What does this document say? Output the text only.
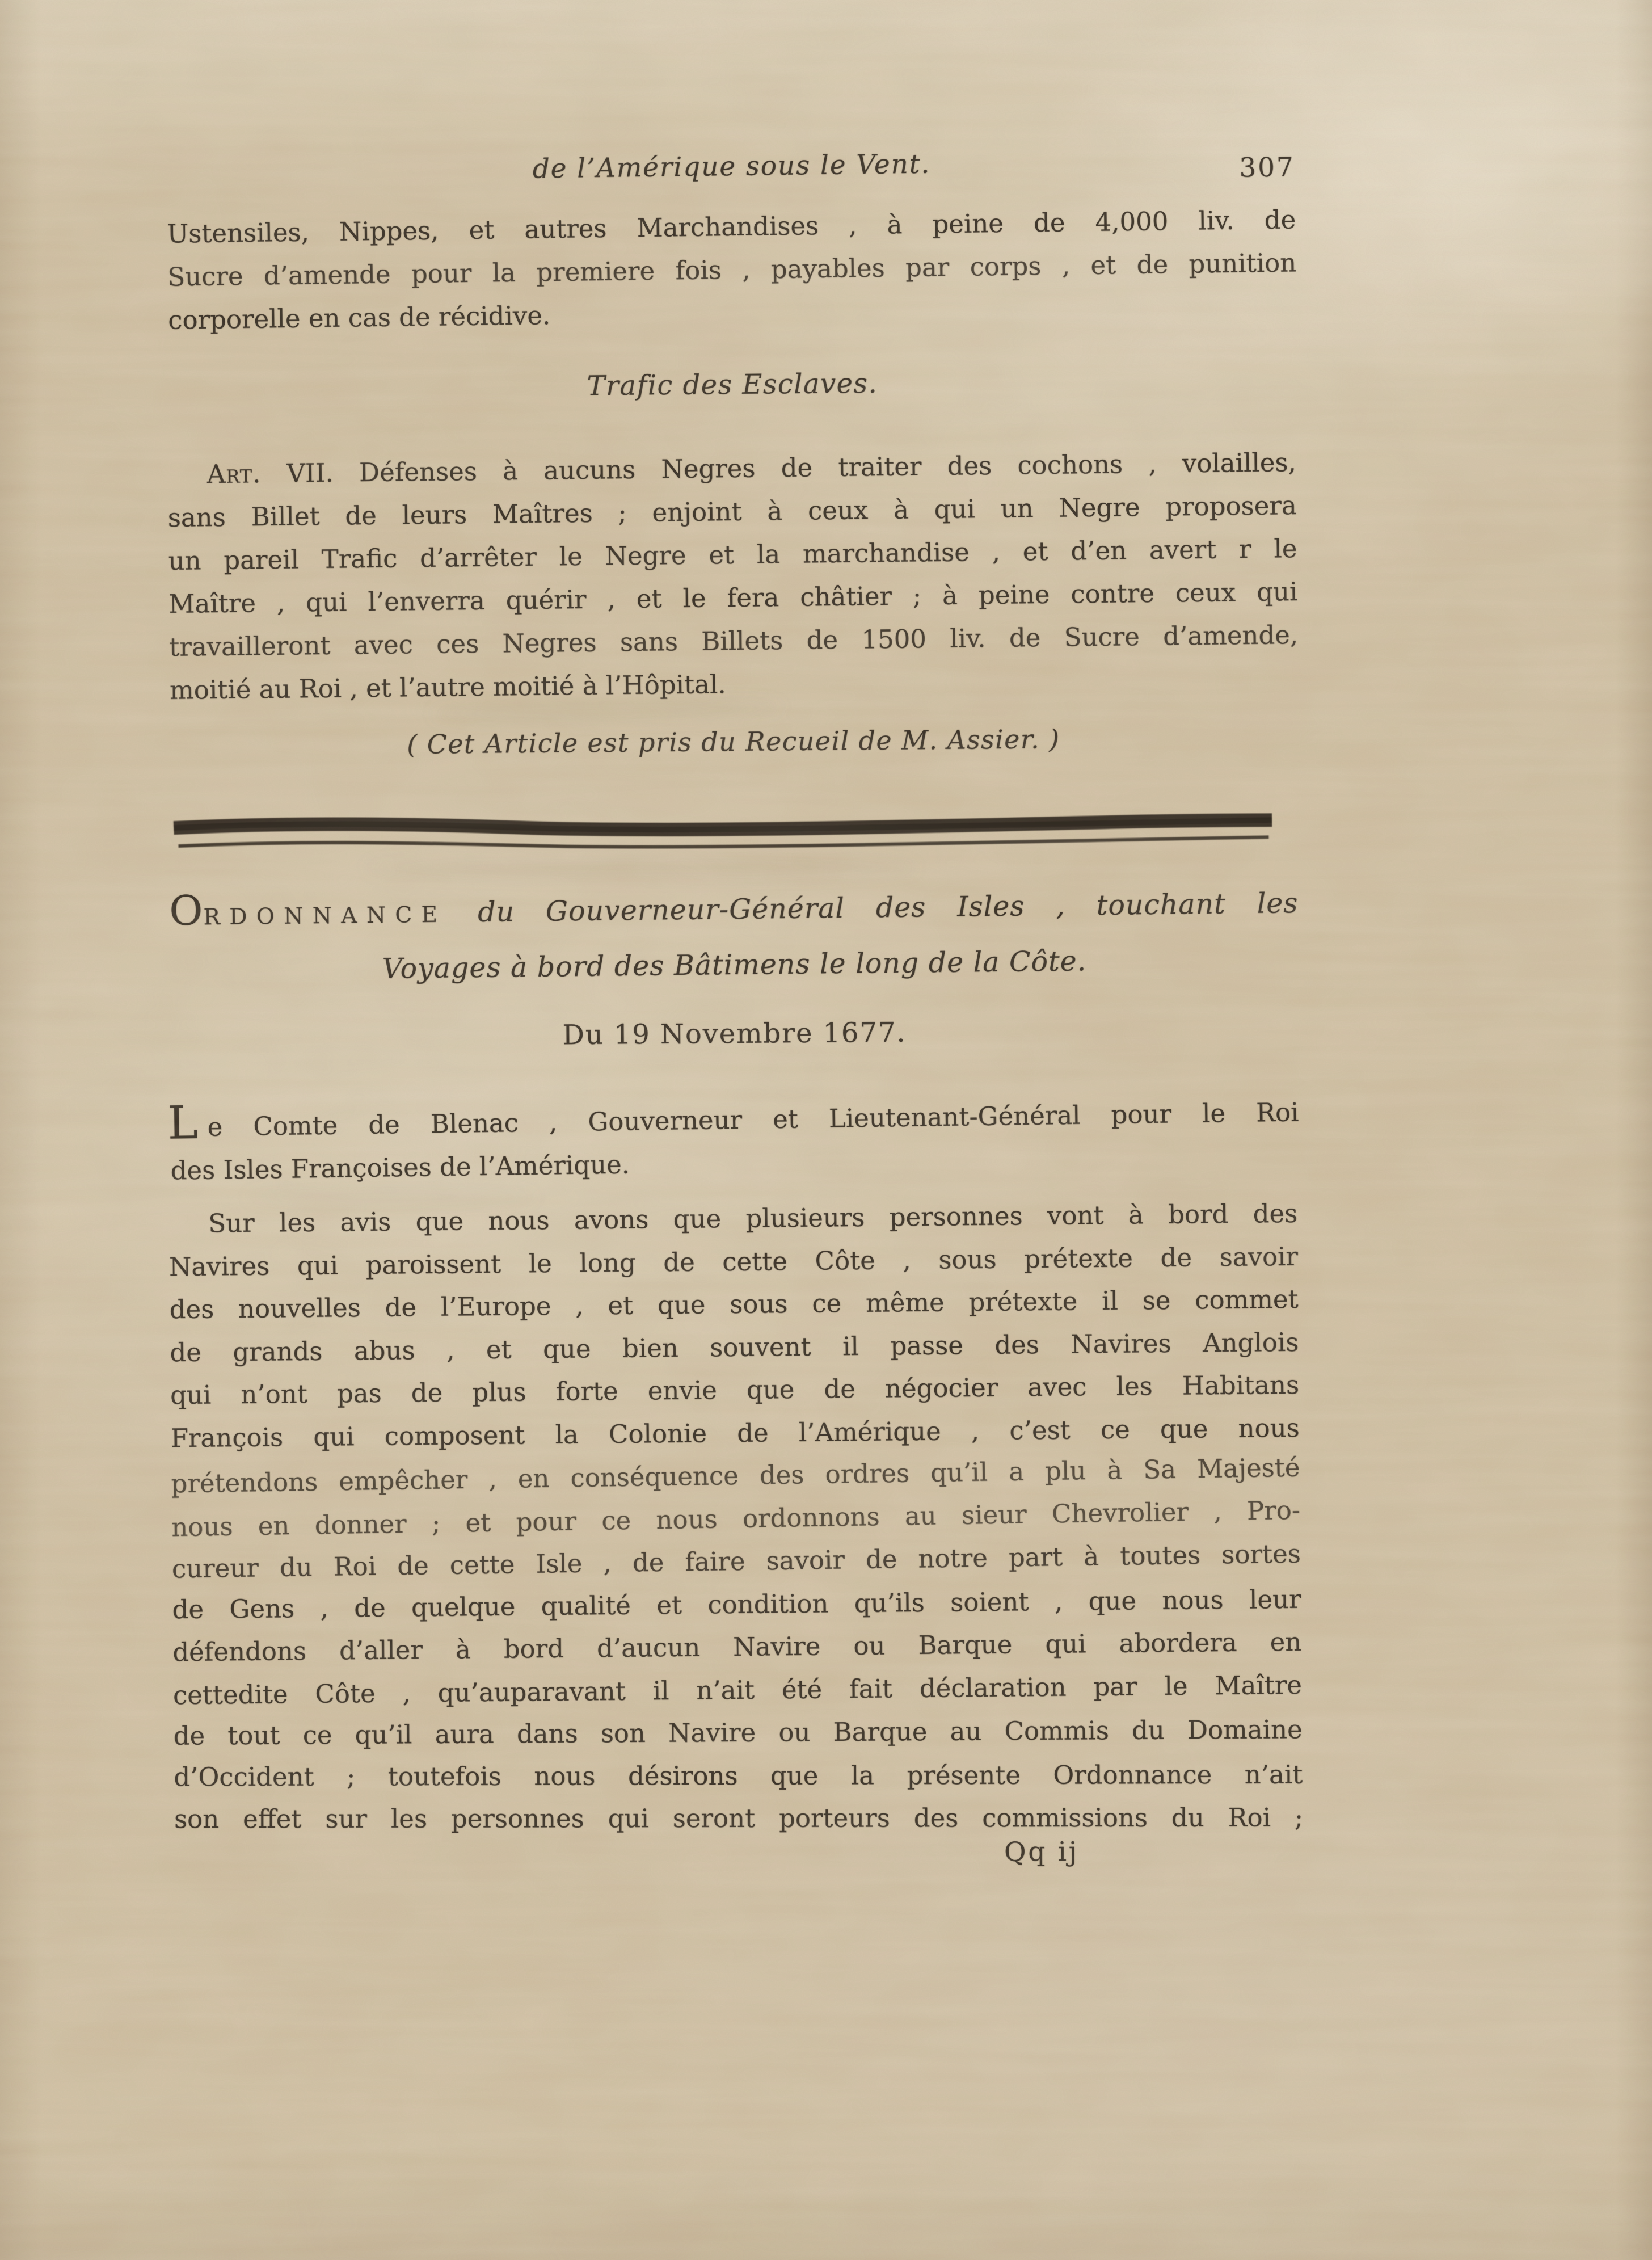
de l’Amérique sous le Vent.	307
Ustensiles, Nippes, et autres Marchandises , à peine de 4,000 liv. de
Sucre d’amende pour la premiere fois , payables par corps , et de punition
corporelle en cas de récidive.
Trafic des Esclaves.
Art. VII. Défenses à aucuns Negres de traiter des cochons , volailles,
sans Billet de leurs Maîtres ; enjoint à ceux à qui un Negre proposera
un pareil Trafic d’arrêter le Negre et la marchandise , et d’en avert r le
Maître , qui l’enverra quérir , et le fera châtier ; à peine contre ceux qui
travailleront avec ces Negres sans Billets de 1500 liv. de Sucre d’amende,
moitié au Roi , et l’autre moitié à l’Hôpital.
( Cet Article est pris du Recueil de M. Assier. )
ORDONNANCE du Gouverneur-Général des Isles , touchant les
Voyages à bord des Bâtimens le long de la Côte.
Du 19 Novembre 1677.
L e Comte de Blenac , Gouverneur et Lieutenant-Général pour le Roi
des Isles Françoises de l’Amérique.
Sur les avis que nous avons que plusieurs personnes vont à bord des
Navires qui paroissent le long de cette Côte , sous prétexte de savoir
des nouvelles de l’Europe , et que sous ce même prétexte il se commet
de grands abus , et que bien souvent il passe des Navires Anglois
qui n’ont pas de plus forte envie que de négocier avec les Habitans
François qui composent la Colonie de l’Amérique , c’est ce que nous
prétendons empêcher , en conséquence des ordres qu’il a plu à Sa Majesté
nous en donner ; et pour ce nous ordonnons au sieur Chevrolier , Pro-
cureur du Roi de cette Isle , de faire savoir de notre part à toutes sortes
de Gens , de quelque qualité et condition qu’ils soient , que nous leur
défendons d’aller à bord d’aucun Navire ou Barque qui abordera en
cettedite Côte , qu’auparavant il n’ait été fait déclaration par le Maître
de tout ce qu’il aura dans son Navire ou Barque au Commis du Domaine
d’Occident ; toutefois nous désirons que la présente Ordonnance n’ait
son effet sur les personnes qui seront porteurs des commissions du Roi ;
Qq ij
